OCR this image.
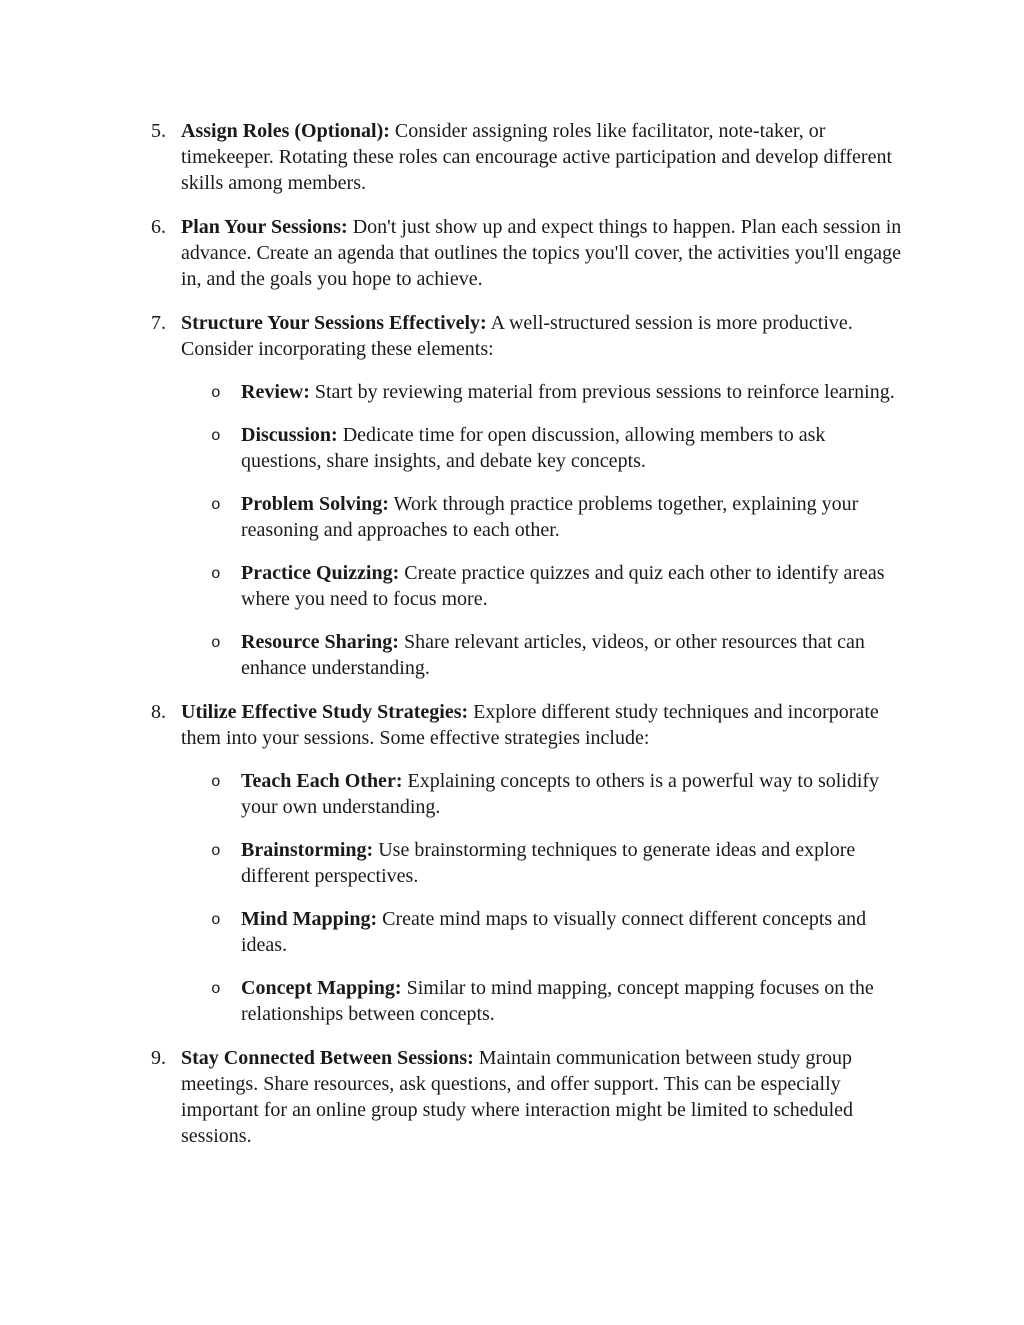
5. Assign Roles (Optional): Consider assigning roles like facilitator, note-taker, or timekeeper. Rotating these roles can encourage active participation and develop different skills among members.
6. Plan Your Sessions: Don't just show up and expect things to happen. Plan each session in advance. Create an agenda that outlines the topics you'll cover, the activities you'll engage in, and the goals you hope to achieve.
7. Structure Your Sessions Effectively: A well-structured session is more productive. Consider incorporating these elements:
o Review: Start by reviewing material from previous sessions to reinforce learning.
o Discussion: Dedicate time for open discussion, allowing members to ask questions, share insights, and debate key concepts.
o Problem Solving: Work through practice problems together, explaining your reasoning and approaches to each other.
o Practice Quizzing: Create practice quizzes and quiz each other to identify areas where you need to focus more.
o Resource Sharing: Share relevant articles, videos, or other resources that can enhance understanding.
8. Utilize Effective Study Strategies: Explore different study techniques and incorporate them into your sessions. Some effective strategies include:
o Teach Each Other: Explaining concepts to others is a powerful way to solidify your own understanding.
o Brainstorming: Use brainstorming techniques to generate ideas and explore different perspectives.
o Mind Mapping: Create mind maps to visually connect different concepts and ideas.
o Concept Mapping: Similar to mind mapping, concept mapping focuses on the relationships between concepts.
9. Stay Connected Between Sessions: Maintain communication between study group meetings. Share resources, ask questions, and offer support. This can be especially important for an online group study where interaction might be limited to scheduled sessions.
